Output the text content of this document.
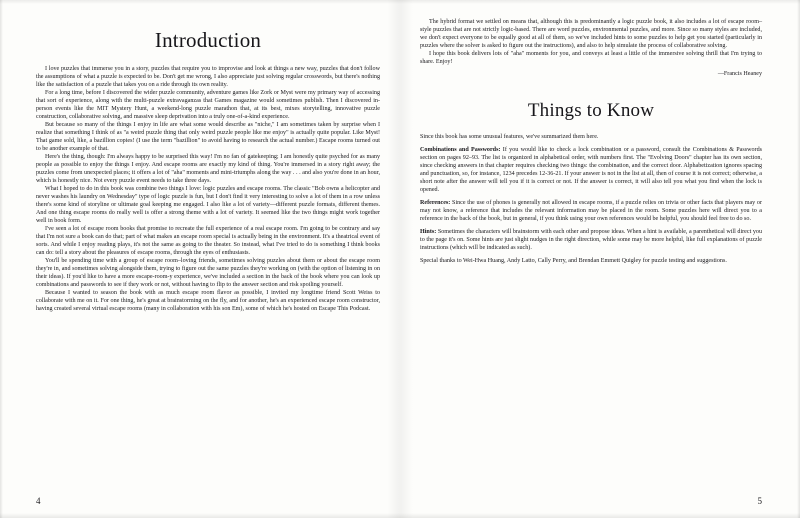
Introduction

I love puzzles that immerse you in a story, puzzles that require you to improvise and look at things a new way, puzzles that don't follow the assumptions of what a puzzle is expected to be. Don't get me wrong, I also appreciate just solving regular crosswords, but there's nothing like the satisfaction of a puzzle that takes you on a ride through its own reality.

For a long time, before I discovered the wider puzzle community, adventure games like Zork or Myst were my primary way of accessing that sort of experience, along with the multi-puzzle extravaganzas that Games magazine would sometimes publish. Then I discovered in-person events like the MIT Mystery Hunt, a weekend-long puzzle marathon that, at its best, mixes storytelling, innovative puzzle construction, collaborative solving, and massive sleep deprivation into a truly one-of-a-kind experience.

But because so many of the things I enjoy in life are what some would describe as "niche," I am sometimes taken by surprise when I realize that something I think of as "a weird puzzle thing that only weird puzzle people like me enjoy" is actually quite popular. Like Myst! That game sold, like, a bazillion copies! (I use the term "bazillion" to avoid having to research the actual number.) Escape rooms turned out to be another example of that.

Here's the thing, though: I'm always happy to be surprised this way! I'm no fan of gatekeeping; I am honestly quite psyched for as many people as possible to enjoy the things I enjoy. And escape rooms are exactly my kind of thing. You're immersed in a story right away; the puzzles come from unexpected places; it offers a lot of "aha" moments and mini-triumphs along the way . . . and also you're done in an hour, which is honestly nice. Not every puzzle event needs to take three days.

What I hoped to do in this book was combine two things I love: logic puzzles and escape rooms. The classic "Bob owns a helicopter and never washes his laundry on Wednesday" type of logic puzzle is fun, but I don't find it very interesting to solve a lot of them in a row unless there's some kind of storyline or ultimate goal keeping me engaged. I also like a lot of variety—different puzzle formats, different themes. And one thing escape rooms do really well is offer a strong theme with a lot of variety. It seemed like the two things might work together well in book form.

I've seen a lot of escape room books that promise to recreate the full experience of a real escape room. I'm going to be contrary and say that I'm not sure a book can do that; part of what makes an escape room special is actually being in the environment. It's a theatrical event of sorts. And while I enjoy reading plays, it's not the same as going to the theater. So instead, what I've tried to do is something I think books can do: tell a story about the pleasures of escape rooms, through the eyes of enthusiasts.

You'll be spending time with a group of escape room–loving friends, sometimes solving puzzles about them or about the escape room they're in, and sometimes solving alongside them, trying to figure out the same puzzles they're working on (with the option of listening in on their ideas). If you'd like to have a more escape-room-y experience, we've included a section in the back of the book where you can look up combinations and passwords to see if they work or not, without having to flip to the answer section and risk spoiling yourself.

Because I wanted to season the book with as much escape room flavor as possible, I invited my longtime friend Scott Weiss to collaborate with me on it. For one thing, he's great at brainstorming on the fly, and for another, he's an experienced escape room constructor, having created several virtual escape rooms (many in collaboration with his son Em), some of which he's hosted on Escape This Podcast.

4

The hybrid format we settled on means that, although this is predominantly a logic puzzle book, it also includes a lot of escape room–style puzzles that are not strictly logic-based. There are word puzzles, environmental puzzles, and more. Since so many styles are included, we don't expect everyone to be equally good at all of them, so we've included hints to some puzzles to help get you started (particularly in puzzles where the solver is asked to figure out the instructions), and also to help simulate the process of collaborative solving.

I hope this book delivers lots of "aha" moments for you, and conveys at least a little of the immersive solving thrill that I'm trying to share. Enjoy!

—Francis Heaney

Things to Know

Since this book has some unusual features, we've summarized them here.

Combinations and Passwords: If you would like to check a lock combination or a password, consult the Combinations & Passwords section on pages 92–93. The list is organized in alphabetical order, with numbers first. The "Evolving Doors" chapter has its own section, since checking answers in that chapter requires checking two things: the combination, and the correct door. Alphabetization ignores spacing and punctuation, so, for instance, 1234 precedes 12-36-21. If your answer is not in the list at all, then of course it is not correct; otherwise, a short note after the answer will tell you if it is correct or not. If the answer is correct, it will also tell you what you find when the lock is opened.

References: Since the use of phones is generally not allowed in escape rooms, if a puzzle relies on trivia or other facts that players may or may not know, a reference that includes the relevant information may be placed in the room. Some puzzles here will direct you to a reference in the back of the book, but in general, if you think using your own references would be helpful, you should feel free to do so.

Hints: Sometimes the characters will brainstorm with each other and propose ideas. When a hint is available, a parenthetical will direct you to the page it's on. Some hints are just slight nudges in the right direction, while some may be more helpful, like full explanations of puzzle instructions (which will be indicated as such).

Special thanks to Wei-Hwa Huang, Andy Latto, Cally Perry, and Brendan Emmett Quigley for puzzle testing and suggestions.

5
